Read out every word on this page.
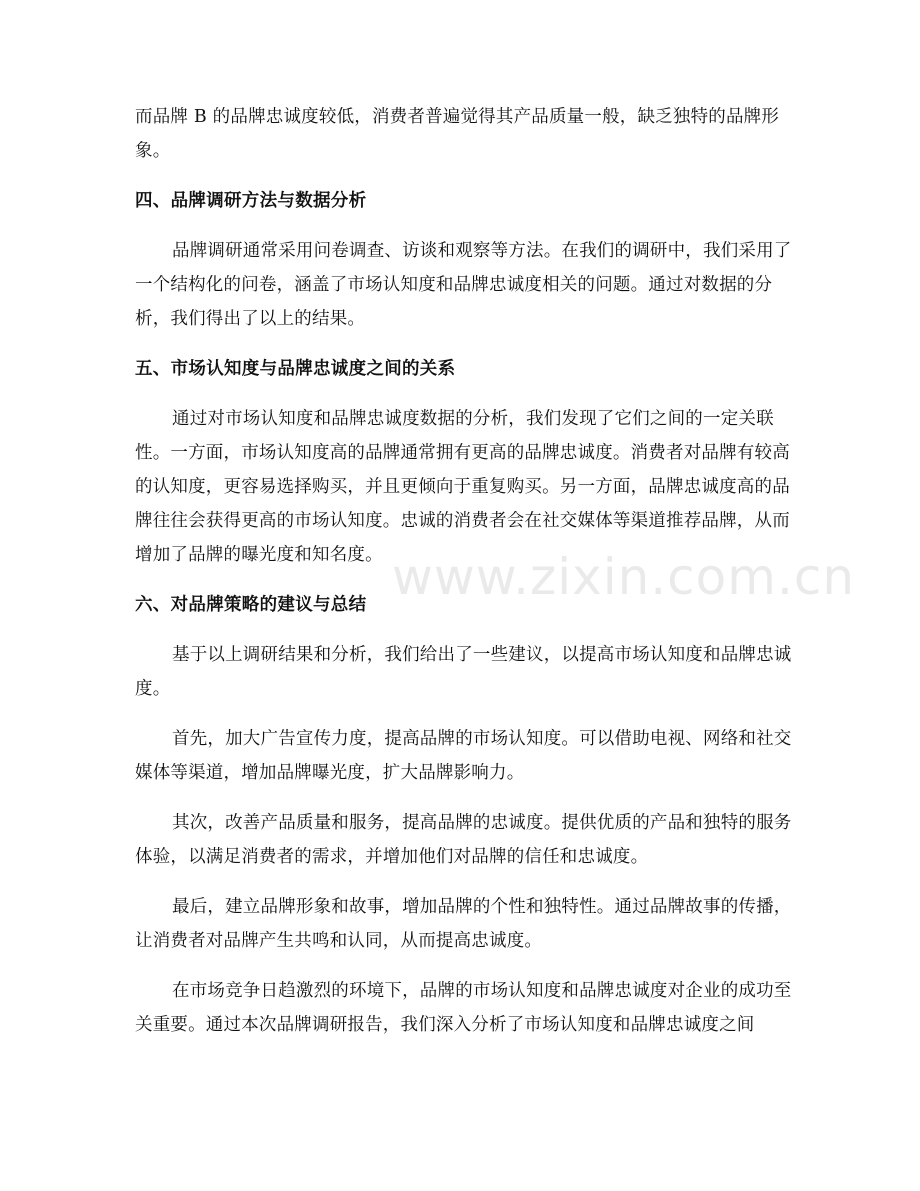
而品牌 B 的品牌忠诚度较低，消费者普遍觉得其产品质量一般，缺乏独特的品牌形象。

四、品牌调研方法与数据分析

品牌调研通常采用问卷调查、访谈和观察等方法。在我们的调研中，我们采用了一个结构化的问卷，涵盖了市场认知度和品牌忠诚度相关的问题。通过对数据的分析，我们得出了以上的结果。

五、市场认知度与品牌忠诚度之间的关系

通过对市场认知度和品牌忠诚度数据的分析，我们发现了它们之间的一定关联性。一方面，市场认知度高的品牌通常拥有更高的品牌忠诚度。消费者对品牌有较高的认知度，更容易选择购买，并且更倾向于重复购买。另一方面，品牌忠诚度高的品牌往往会获得更高的市场认知度。忠诚的消费者会在社交媒体等渠道推荐品牌，从而增加了品牌的曝光度和知名度。

六、对品牌策略的建议与总结

基于以上调研结果和分析，我们给出了一些建议，以提高市场认知度和品牌忠诚度。

首先，加大广告宣传力度，提高品牌的市场认知度。可以借助电视、网络和社交媒体等渠道，增加品牌曝光度，扩大品牌影响力。

其次，改善产品质量和服务，提高品牌的忠诚度。提供优质的产品和独特的服务体验，以满足消费者的需求，并增加他们对品牌的信任和忠诚度。

最后，建立品牌形象和故事，增加品牌的个性和独特性。通过品牌故事的传播，让消费者对品牌产生共鸣和认同，从而提高忠诚度。

在市场竞争日趋激烈的环境下，品牌的市场认知度和品牌忠诚度对企业的成功至关重要。通过本次品牌调研报告，我们深入分析了市场认知度和品牌忠诚度之间

www.zixin.com.cn
